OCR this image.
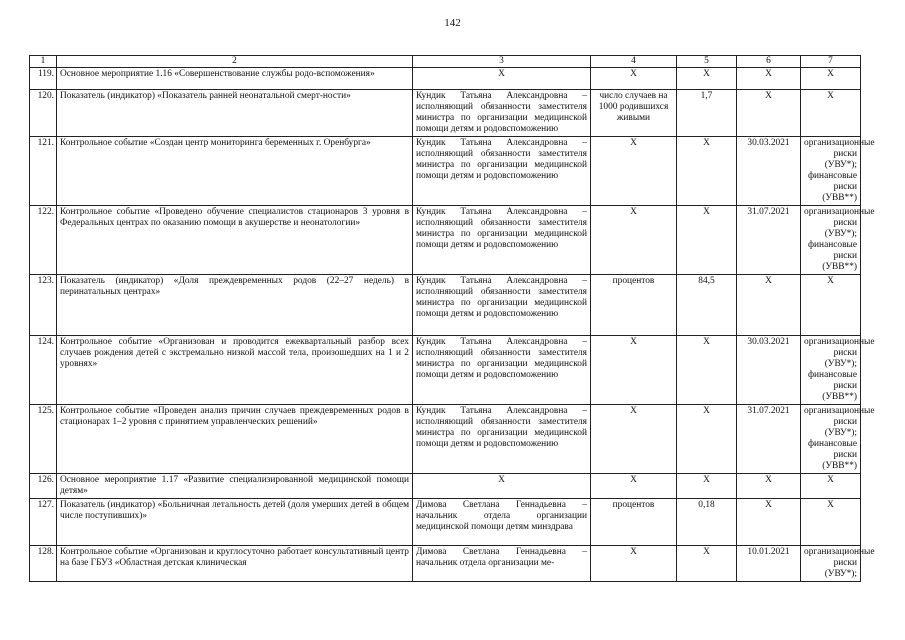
142
1	2	3	4	5	6	7
119.	Основное мероприятие 1.16 «Совершенствование службы родо-вспоможения»	Х	Х	Х	Х	Х
120.	Показатель (индикатор) «Показатель ранней неонатальной смерт-ности»	Кундик Татьяна Александровна – исполняющий обязанности заместителя министра по организации медицинской помощи детям и родовспоможению	число случаев на 1000 родившихся живыми	1,7	Х	Х
121.	Контрольное событие «Создан центр мониторинга беременных г. Оренбурга»	Кундик Татьяна Александровна – исполняющий обязанности заместителя министра по организации медицинской помощи детям и родовспоможению	Х	Х	30.03.2021	организационные риски (УВУ*); финансовые риски (УВВ**)
122.	Контрольное событие «Проведено обучение специалистов стационаров 3 уровня в Федеральных центрах по оказанию помощи в акушерстве и неонатологии»	Кундик Татьяна Александровна – исполняющий обязанности заместителя министра по организации медицинской помощи детям и родовспоможению	Х	Х	31.07.2021	организационные риски (УВУ*); финансовые риски (УВВ**)
123.	Показатель (индикатор) «Доля преждевременных родов (22–27 недель) в перинатальных центрах»	Кундик Татьяна Александровна – исполняющий обязанности заместителя министра по организации медицинской помощи детям и родовспоможению	процентов	84,5	Х	Х
124.	Контрольное событие «Организован и проводится ежеквартальный разбор всех случаев рождения детей с экстремально низкой массой тела, произошедших на 1 и 2 уровнях»	Кундик Татьяна Александровна – исполняющий обязанности заместителя министра по организации медицинской помощи детям и родовспоможению	Х	Х	30.03.2021	организационные риски (УВУ*); финансовые риски (УВВ**)
125.	Контрольное событие «Проведен анализ причин случаев преждевременных родов в стационарах 1–2 уровня с принятием управленческих решений»	Кундик Татьяна Александровна – исполняющий обязанности заместителя министра по организации медицинской помощи детям и родовспоможению	Х	Х	31.07.2021	организационные риски (УВУ*); финансовые риски (УВВ**)
126.	Основное мероприятие 1.17 «Развитие специализированной медицинской помощи детям»	Х	Х	Х	Х	Х
127.	Показатель (индикатор) «Больничная летальность детей (доля умерших детей в общем числе поступивших)»	Димова Светлана Геннадьевна – начальник отдела организации медицинской помощи детям минздрава	процентов	0,18	Х	Х
128.	Контрольное событие «Организован и круглосуточно работает консультативный центр на базе ГБУЗ «Областная детская клиническая	Димова Светлана Геннадьевна – начальник отдела организации ме-	Х	Х	10.01.2021	организационные риски (УВУ*);
